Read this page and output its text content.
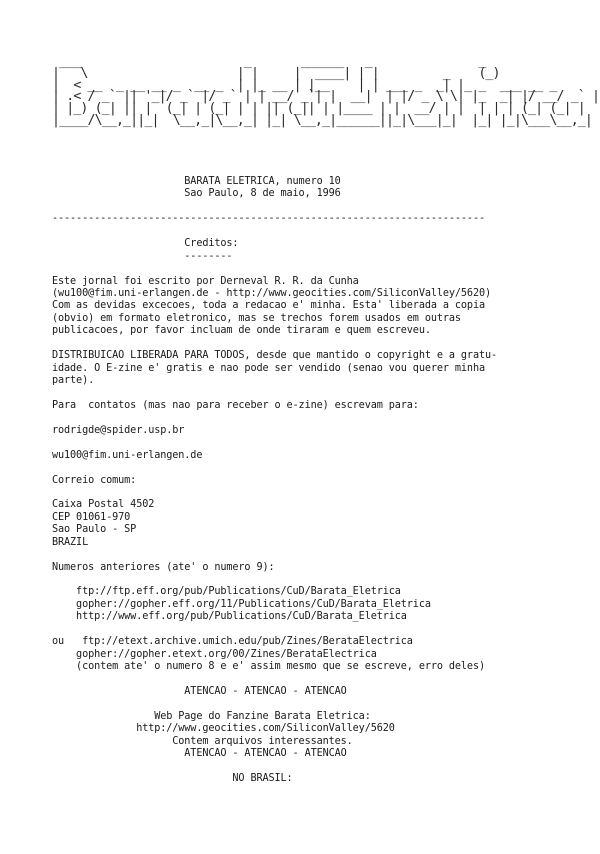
___                       _       ______   _               _
|   \                     | |     |  ____| | |         _    (_)
|  < __  _ __ __ _  __ _  | |_ __ | |__    | | ___ _  _| |_ _  ___ __ _
| .< / _` || '_|/ _` |/ _` | | __/ _`| |  __|  | |/ _ \ \| |_  _| |/ __/ _` |
| |_) (_| || |  (_| | (_| | | || (_|| | |____ | |  __/ | |  | | | (_| (_| |
|____/\__,_||_|  \__,_|\__,_| |_| \__,_|______||_|\___|_|  |_| |_|\___\__,_|
BARATA ELETRICA, numero 10
Sao Paulo, 8 de maio, 1996
------------------------------------------------------------------------
Creditos:
--------
Este jornal foi escrito por Derneval R. R. da Cunha
(wu100@fim.uni-erlangen.de - http://www.geocities.com/SiliconValley/5620)
Com as devidas excecoes, toda a redacao e' minha. Esta' liberada a copia
(obvio) em formato eletronico, mas se trechos forem usados em outras
publicacoes, por favor incluam de onde tiraram e quem escreveu.
DISTRIBUICAO LIBERADA PARA TODOS, desde que mantido o copyright e a gratu-
idade. O E-zine e' gratis e nao pode ser vendido (senao vou querer minha
parte).
Para  contatos (mas nao para receber o e-zine) escrevam para:
rodrigde@spider.usp.br
wu100@fim.uni-erlangen.de
Correio comum:
Caixa Postal 4502
CEP 01061-970
Sao Paulo - SP
BRAZIL
Numeros anteriores (ate' o numero 9):
ftp://ftp.eff.org/pub/Publications/CuD/Barata_Eletrica
gopher://gopher.eff.org/11/Publications/CuD/Barata_Eletrica
http://www.eff.org/pub/Publications/CuD/Barata_Eletrica
ou   ftp://etext.archive.umich.edu/pub/Zines/BerataElectrica
gopher://gopher.etext.org/00/Zines/BerataElectrica
(contem ate' o numero 8 e e' assim mesmo que se escreve, erro deles)
ATENCAO - ATENCAO - ATENCAO
Web Page do Fanzine Barata Eletrica:
http://www.geocities.com/SiliconValley/5620
Contem arquivos interessantes.
ATENCAO - ATENCAO - ATENCAO
NO BRASIL:
